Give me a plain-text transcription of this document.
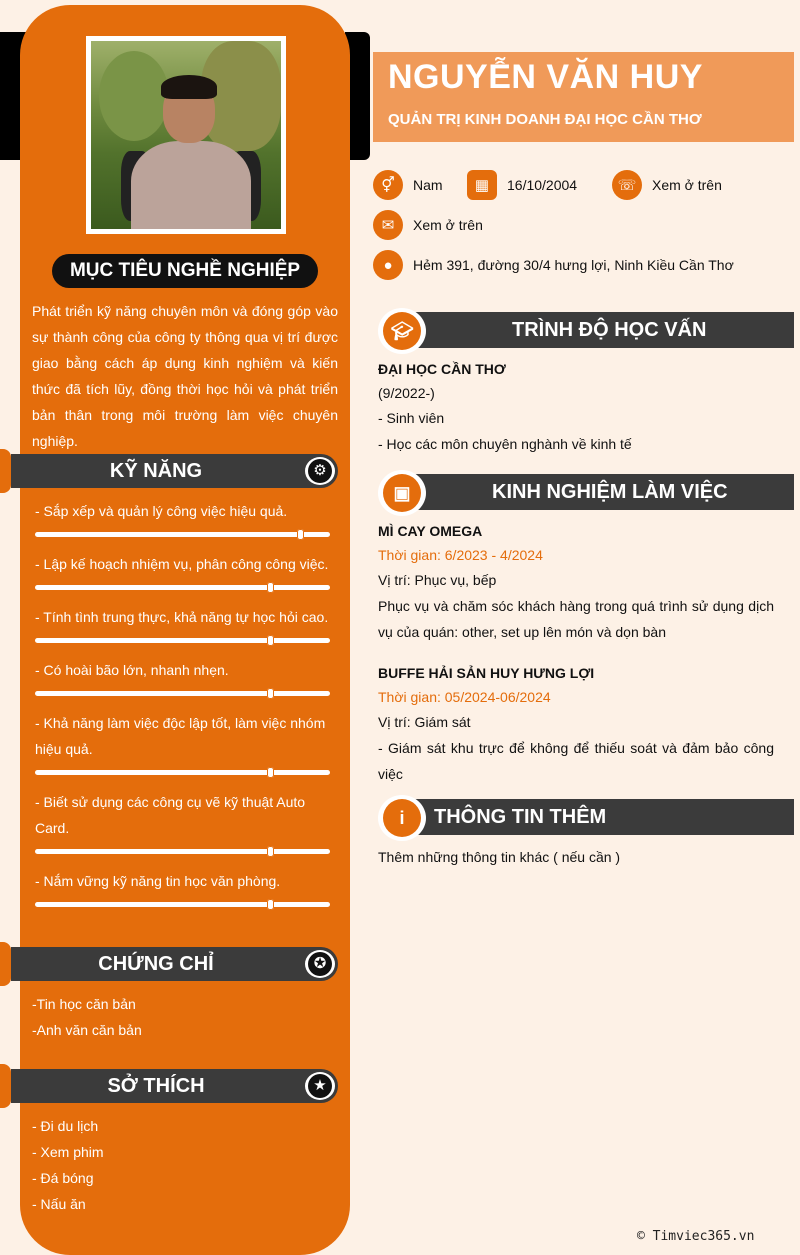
MỤC TIÊU NGHỀ NGHIỆP
Phát triển kỹ năng chuyên môn và đóng góp vào sự thành công của công ty thông qua vị trí được giao bằng cách áp dụng kinh nghiệm và kiến thức đã tích lũy, đồng thời học hỏi và phát triển bản thân trong môi trường làm việc chuyên nghiệp.
KỸ NĂNG	⚙
- Sắp xếp và quản lý công việc hiệu quả.
- Lập kế hoạch nhiệm vụ, phân công công việc.
- Tính tình trung thực, khả năng tự học hỏi cao.
- Có hoài bão lớn, nhanh nhẹn.
- Khả năng làm việc độc lập tốt, làm việc nhóm hiệu quả.
- Biết sử dụng các công cụ vẽ kỹ thuật Auto Card.
- Nắm vững kỹ năng tin học văn phòng.
CHỨNG CHỈ	✪
-Tin học căn bản
-Anh văn căn bản
SỞ THÍCH	★
- Đi du lịch
- Xem phim
- Đá bóng
- Nấu ăn
NGUYỄN VĂN HUY
QUẢN TRỊ KINH DOANH ĐẠI HỌC CẦN THƠ
⚥	Nam	▦	16/10/2004	☏	Xem ở trên
✉	Xem ở trên
●	Hẻm 391, đường 30/4 hưng lợi, Ninh Kiều Cần Thơ
TRÌNH ĐỘ HỌC VẤN
🎓︎
ĐẠI HỌC CẦN THƠ
(9/2022-)
- Sinh viên
- Học các môn chuyên nghành về kinh tế
KINH NGHIỆM LÀM VIỆC
▣
MÌ CAY OMEGA
Thời gian: 6/2023 - 4/2024
Vị trí: Phục vụ, bếp
Phục vụ và chăm sóc khách hàng trong quá trình sử dụng dịch vụ của quán: other, set up lên món và dọn bàn
BUFFE HẢI SẢN HUY HƯNG LỢI
Thời gian: 05/2024-06/2024
Vị trí: Giám sát
- Giám sát khu trực để không để thiếu soát và đảm bảo công việc
THÔNG TIN THÊM
i
Thêm những thông tin khác ( nếu cần )
© Timviec365.vn
